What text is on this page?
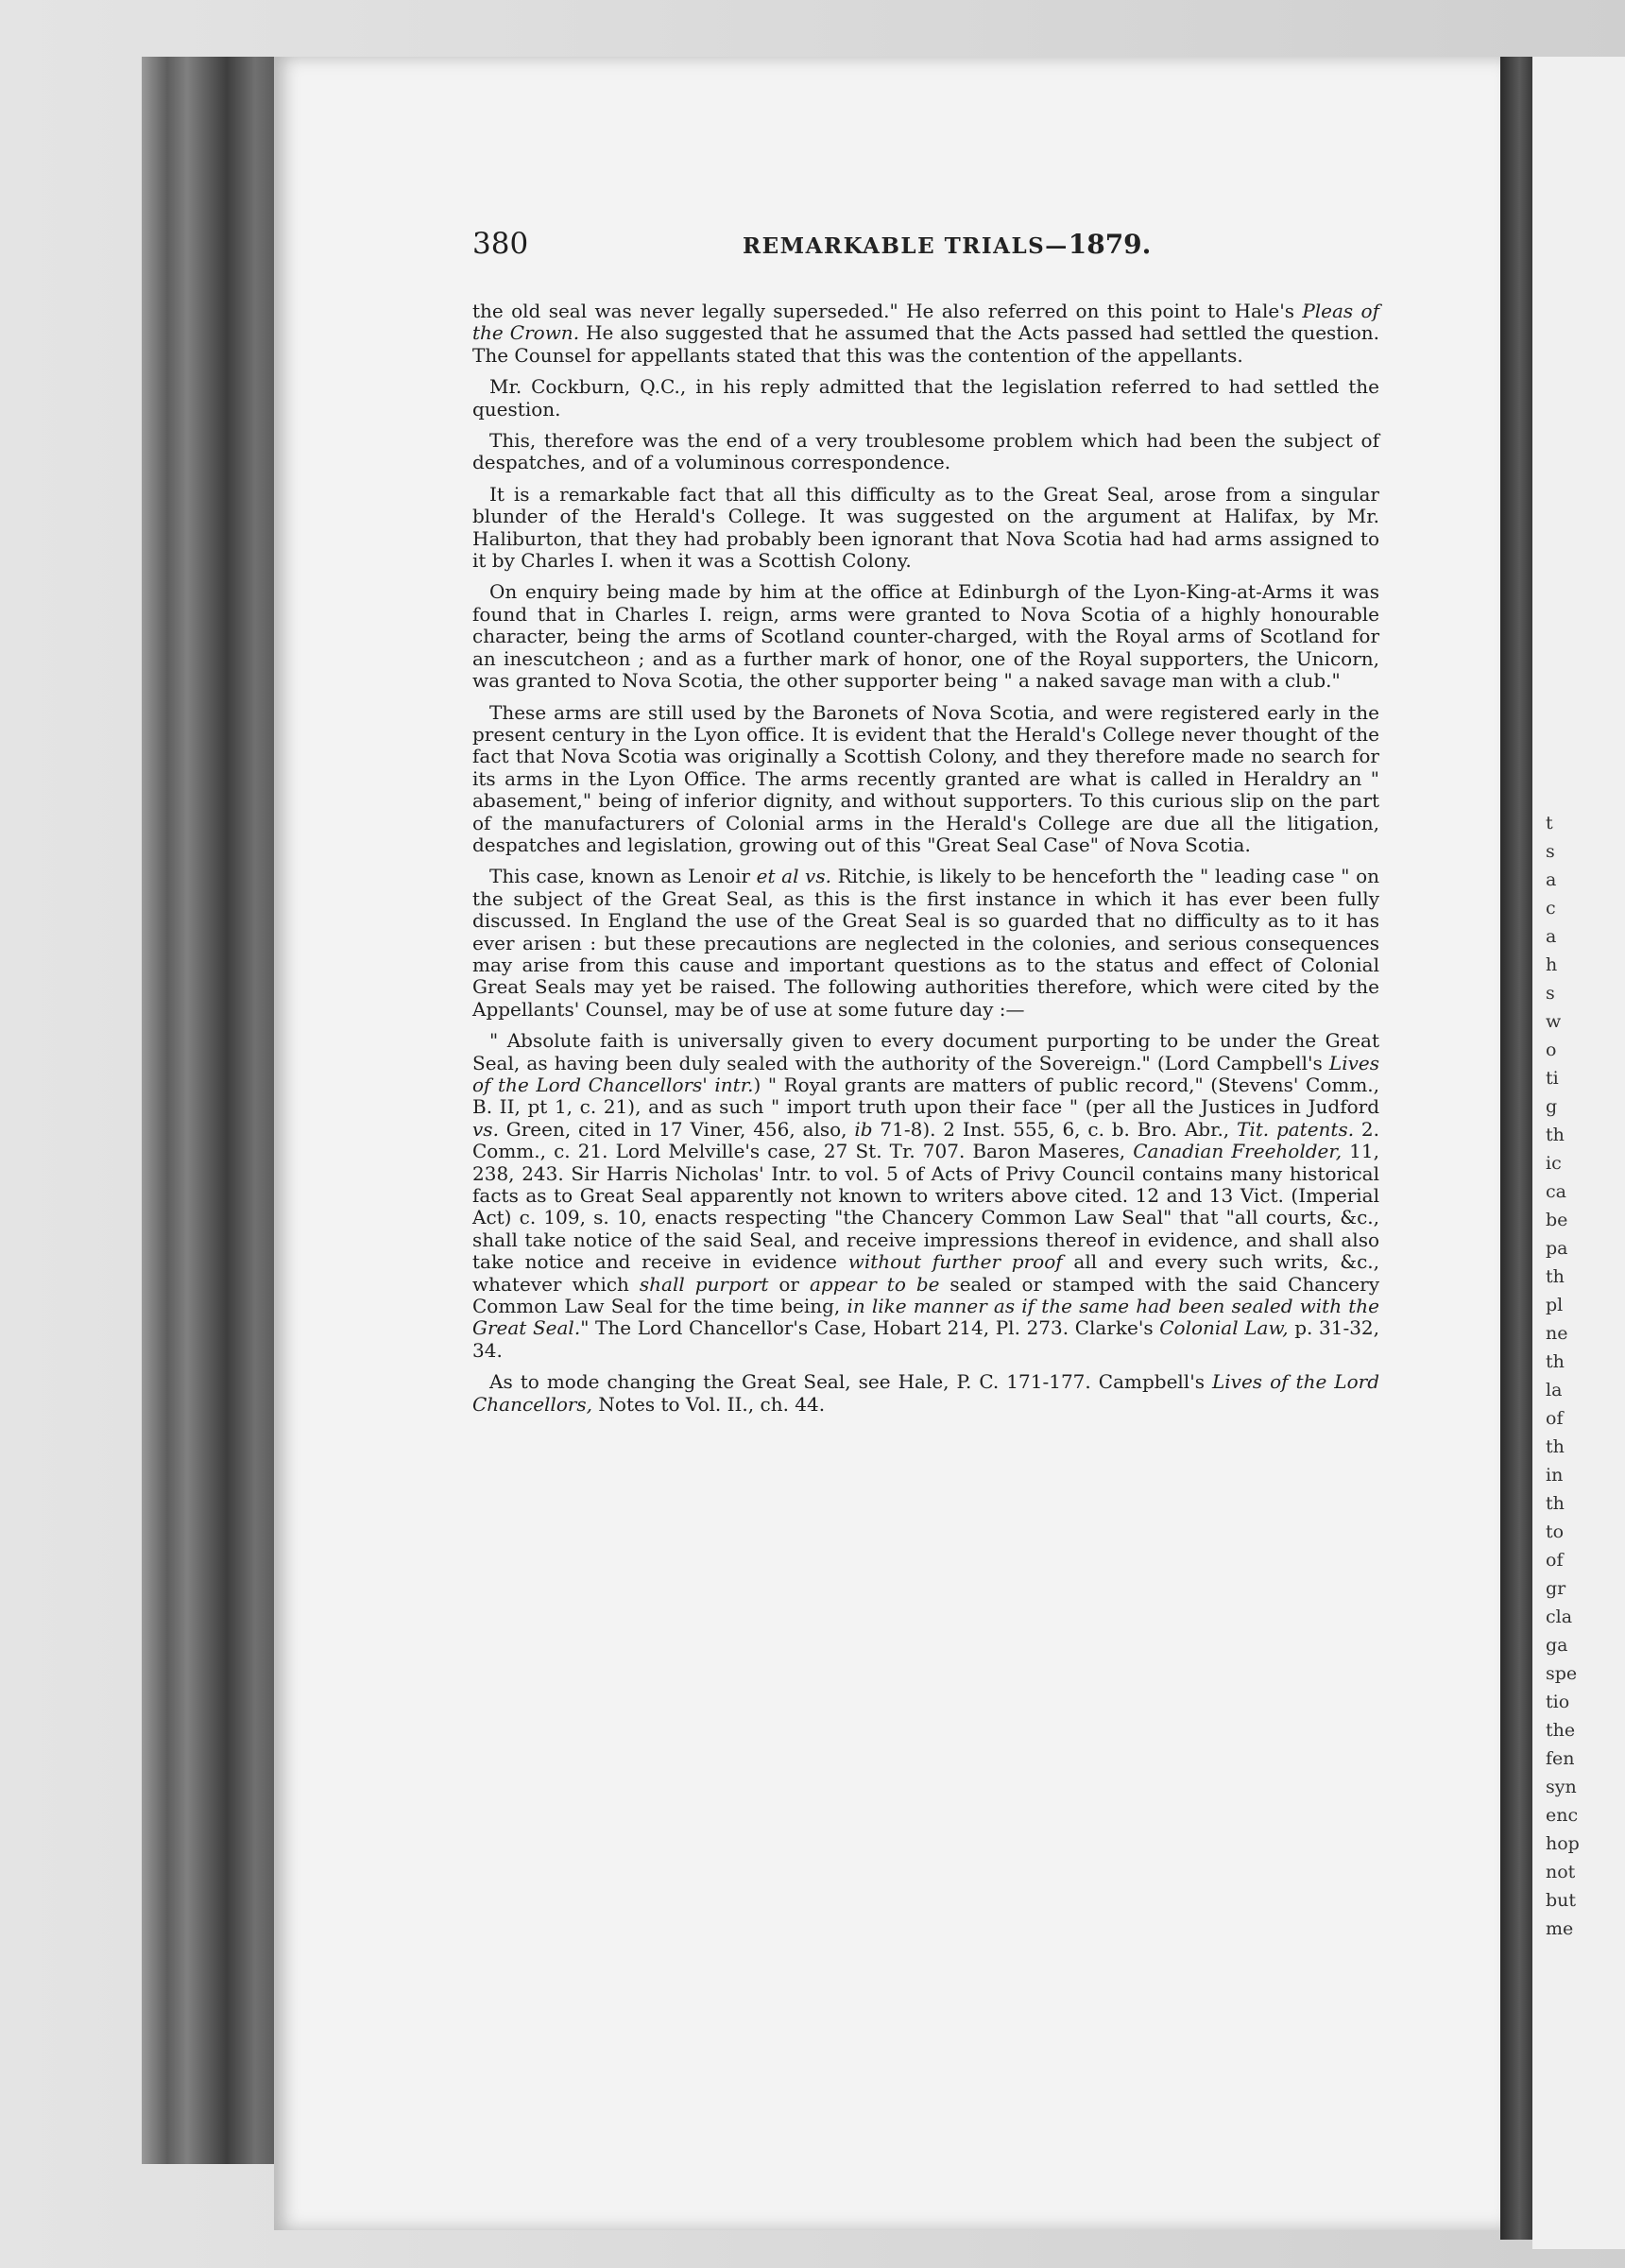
t
s
a
c
a
h
s
w
o
ti
g
th
ic
ca
be
pa
th
pl
ne
th
la
of
th
in
th
to
of
gr
cla
ga
spe
tio
the
fen
syn
enc
hop
not
but
me
380	REMARKABLE TRIALS—1879.

the old seal was never legally superseded." He also referred on this point to Hale's Pleas of the Crown. He also suggested that he assumed that the Acts passed had settled the question. The Counsel for appellants stated that this was the contention of the appellants.

Mr. Cockburn, Q.C., in his reply admitted that the legislation referred to had settled the question.

This, therefore was the end of a very troublesome problem which had been the subject of despatches, and of a voluminous correspondence.

It is a remarkable fact that all this difficulty as to the Great Seal, arose from a singular blunder of the Herald's College. It was suggested on the argument at Halifax, by Mr. Haliburton, that they had probably been ignorant that Nova Scotia had had arms assigned to it by Charles I. when it was a Scottish Colony.

On enquiry being made by him at the office at Edinburgh of the Lyon-King-at-Arms it was found that in Charles I. reign, arms were granted to Nova Scotia of a highly honourable character, being the arms of Scotland counter-charged, with the Royal arms of Scotland for an inescutcheon ; and as a further mark of honor, one of the Royal supporters, the Unicorn, was granted to Nova Scotia, the other supporter being " a naked savage man with a club."

These arms are still used by the Baronets of Nova Scotia, and were registered early in the present century in the Lyon office. It is evident that the Herald's College never thought of the fact that Nova Scotia was originally a Scottish Colony, and they therefore made no search for its arms in the Lyon Office. The arms recently granted are what is called in Heraldry an " abasement," being of inferior dignity, and without supporters. To this curious slip on the part of the manufacturers of Colonial arms in the Herald's College are due all the litigation, despatches and legislation, growing out of this "Great Seal Case" of Nova Scotia.

This case, known as Lenoir et al vs. Ritchie, is likely to be henceforth the " leading case " on the subject of the Great Seal, as this is the first instance in which it has ever been fully discussed. In England the use of the Great Seal is so guarded that no difficulty as to it has ever arisen : but these precautions are neglected in the colonies, and serious consequences may arise from this cause and important questions as to the status and effect of Colonial Great Seals may yet be raised. The following authorities therefore, which were cited by the Appellants' Counsel, may be of use at some future day :—

" Absolute faith is universally given to every document purporting to be under the Great Seal, as having been duly sealed with the authority of the Sovereign." (Lord Campbell's Lives of the Lord Chancellors' intr.) " Royal grants are matters of public record," (Stevens' Comm., B. II, pt 1, c. 21), and as such " import truth upon their face " (per all the Justices in Judford vs. Green, cited in 17 Viner, 456, also, ib 71-8). 2 Inst. 555, 6, c. b. Bro. Abr., Tit. patents. 2. Comm., c. 21. Lord Melville's case, 27 St. Tr. 707. Baron Maseres, Canadian Freeholder, 11, 238, 243. Sir Harris Nicholas' Intr. to vol. 5 of Acts of Privy Council contains many historical facts as to Great Seal apparently not known to writers above cited. 12 and 13 Vict. (Imperial Act) c. 109, s. 10, enacts respecting "the Chancery Common Law Seal" that "all courts, &c., shall take notice of the said Seal, and receive impressions thereof in evidence, and shall also take notice and receive in evidence without further proof all and every such writs, &c., whatever which shall purport or appear to be sealed or stamped with the said Chancery Common Law Seal for the time being, in like manner as if the same had been sealed with the Great Seal." The Lord Chancellor's Case, Hobart 214, Pl. 273. Clarke's Colonial Law, p. 31-32, 34.

As to mode changing the Great Seal, see Hale, P. C. 171-177. Campbell's Lives of the Lord Chancellors, Notes to Vol. II., ch. 44.
